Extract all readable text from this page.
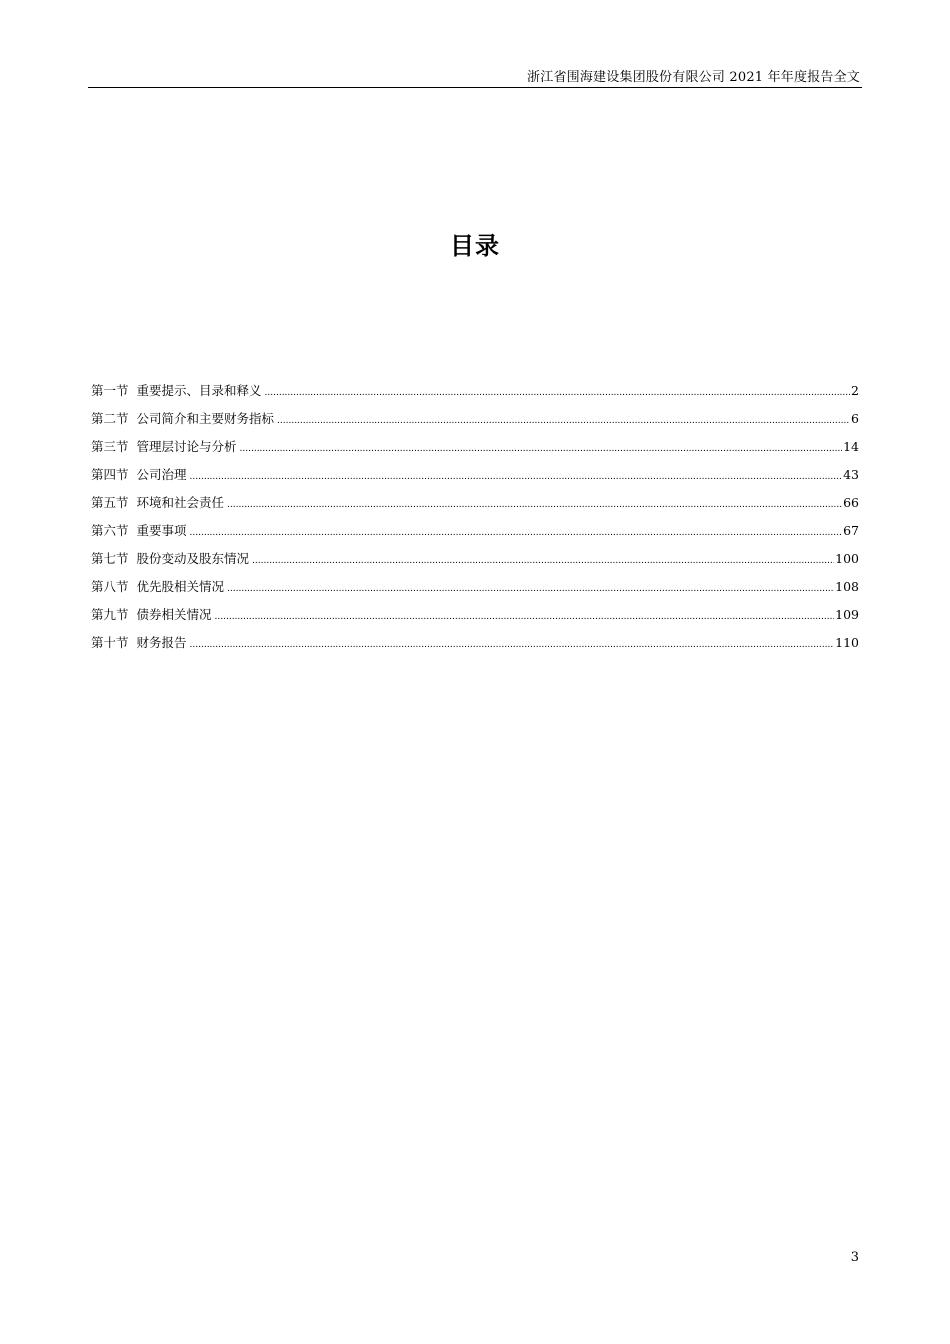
浙江省围海建设集团股份有限公司 2021 年年度报告全文
目录
第一节 重要提示、目录和释义 .....	2
第二节 公司简介和主要财务指标 .....	6
第三节 管理层讨论与分析 .....	14
第四节 公司治理 .....	43
第五节 环境和社会责任 .....	66
第六节 重要事项 .....	67
第七节 股份变动及股东情况 .....	100
第八节 优先股相关情况 .....	108
第九节 债券相关情况 .....	109
第十节 财务报告 .....	110
3
